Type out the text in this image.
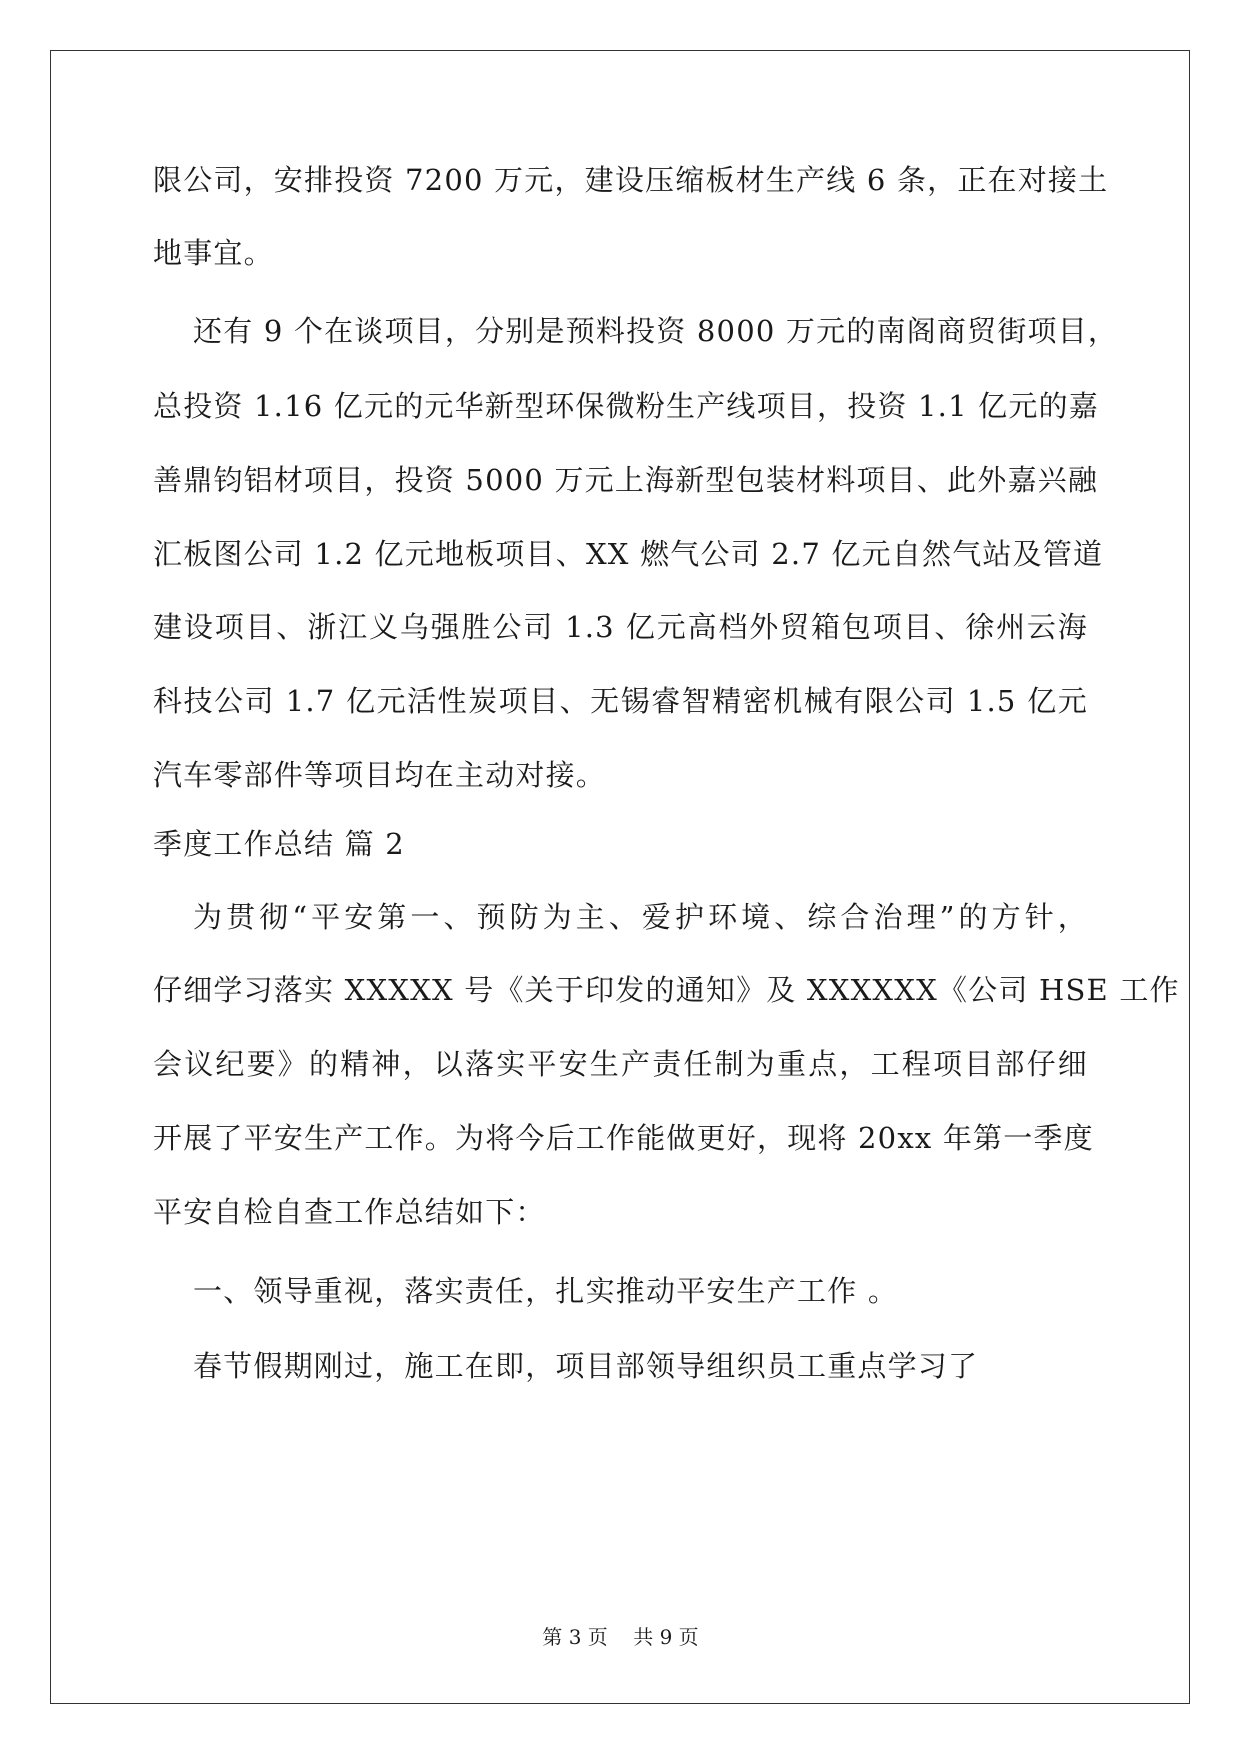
限公司，安排投资 7200 万元，建设压缩板材生产线 6 条，正在对接土
地事宜。
还有 9 个在谈项目，分别是预料投资 8000 万元的南阁商贸街项目，
总投资 1.16 亿元的元华新型环保微粉生产线项目，投资 1.1 亿元的嘉
善鼎钧铝材项目，投资 5000 万元上海新型包装材料项目、此外嘉兴融
汇板图公司 1.2 亿元地板项目、XX 燃气公司 2.7 亿元自然气站及管道
建设项目、浙江义乌强胜公司 1.3 亿元高档外贸箱包项目、徐州云海
科技公司 1.7 亿元活性炭项目、无锡睿智精密机械有限公司 1.5 亿元
汽车零部件等项目均在主动对接。
季度工作总结 篇 2
为贯彻“平安第一、预防为主、爱护环境、综合治理”的方针，
仔细学习落实 XXXXX 号《关于印发的通知》及 XXXXXX《公司 HSE 工作
会议纪要》的精神，以落实平安生产责任制为重点，工程项目部仔细
开展了平安生产工作。为将今后工作能做更好，现将 20xx 年第一季度
平安自检自查工作总结如下：
一、领导重视，落实责任，扎实推动平安生产工作 。
春节假期刚过，施工在即，项目部领导组织员工重点学习了
第 3 页    共 9 页
